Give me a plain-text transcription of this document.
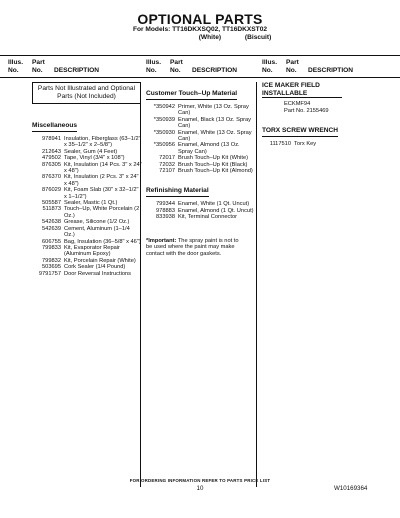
OPTIONAL PARTS
For Models: TT16DKXSQ02, TT16DKXST02
(White)	(Biscuit)
Illus. No.
Part No.	DESCRIPTION
Illus. No.
Part No.	DESCRIPTION
Illus. No.
Part No.	DESCRIPTION
Parts Not Illustrated and Optional Parts (Not Included)
Miscellaneous
978941 Insulation, Fiberglass (63–1/2" x 35–1/2" x 2–5/8")
212643 Sealer, Gum (4 Feet)
479502 Tape, Vinyl (3/4" x 108")
876305 Kit, Insulation (14 Pcs. 3" x 24" x 48")
876370 Kit, Insulation (2 Pcs. 3" x 24" x 48")
876029 Kit, Foam Slab (30" x 32–1/2" x 1–1/2")
505587 Sealer, Mastic (1 Qt.)
511873 Touch–Up, White Porcelain (2 Oz.)
542638 Grease, Silicone (1/2 Oz.)
542639 Cement, Aluminum (1–1/4 Oz.)
606755 Bag, Insulation (36–5/8" x 46")
799833 Kit, Evaporator Repair (Aluminum Epoxy)
799832 Kit, Porcelain Repair (White)
503695 Cork Sealer (1/4 Pound)
9791757 Door Reversal Instructions
Customer Touch–Up Material
*350942 Primer, White (13 Oz. Spray Can)
*350939 Enamel, Black (13 Oz. Spray Can)
*350930 Enamel, White (13 Oz. Spray Can)
*350956 Enamel, Almond (13 Oz. Spray Can)
72017 Brush Touch–Up Kit (White)
72032 Brush Touch–Up Kit (Black)
72107 Brush Touch–Up Kit (Almond)
Refinishing Material
799344 Enamel, White (1 Qt. Uncut)
978883 Enamel, Almond (1 Qt. Uncut)
833938 Kit, Terminal Connector
*Important: The spray paint is not to be used where the paint may make contact with the door gaskets.
ICE MAKER FIELD INSTALLABLE
ECKMF94
Part No. 2155469
TORX SCREW WRENCH
1117510 Torx Key
FOR ORDERING INFORMATION REFER TO PARTS PRICE LIST
10	W10169364
